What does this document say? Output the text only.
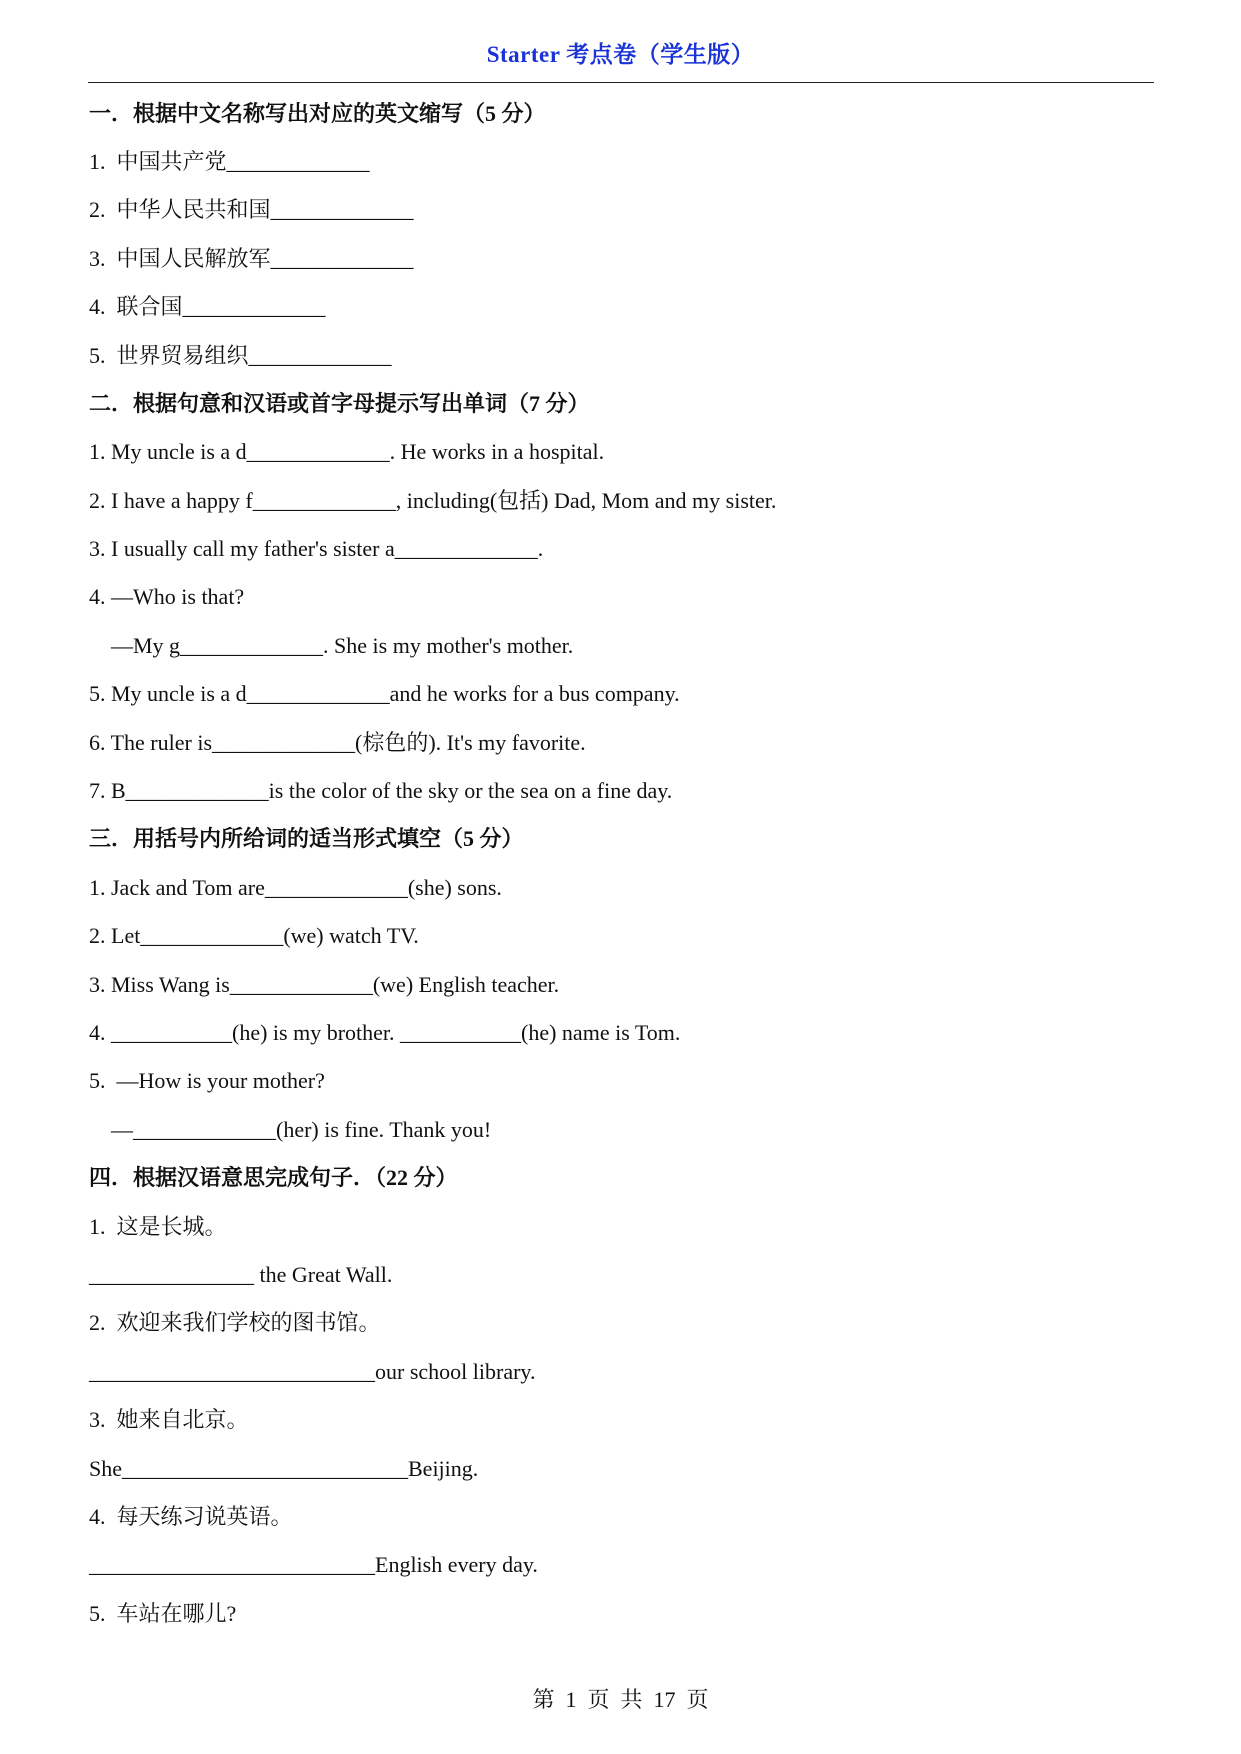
Starter 考点卷（学生版）
一．根据中文名称写出对应的英文缩写（5 分）
1.  中国共产党_____________
2.  中华人民共和国_____________
3.  中国人民解放军_____________
4.  联合国_____________
5.  世界贸易组织_____________
二．根据句意和汉语或首字母提示写出单词（7 分）
1. My uncle is a d_____________. He works in a hospital.
2. I have a happy f_____________, including(包括) Dad, Mom and my sister.
3. I usually call my father's sister a_____________.
4. —Who is that?
—My g_____________. She is my mother's mother.
5. My uncle is a d_____________and he works for a bus company.
6. The ruler is_____________(棕色的). It's my favorite.
7. B_____________is the color of the sky or the sea on a fine day.
三．用括号内所给词的适当形式填空（5 分）
1. Jack and Tom are_____________(she) sons.
2. Let_____________(we) watch TV.
3. Miss Wang is_____________(we) English teacher.
4. ___________(he) is my brother. ___________(he) name is Tom.
5.  —How is your mother?
—_____________(her) is fine. Thank you!
四．根据汉语意思完成句子．（22 分）
1.  这是长城。
_______________ the Great Wall.
2.  欢迎来我们学校的图书馆。
__________________________our school library.
3.  她来自北京。
She__________________________Beijing.
4.  每天练习说英语。
__________________________English every day.
5.  车站在哪儿?
第  1  页  共  17  页
